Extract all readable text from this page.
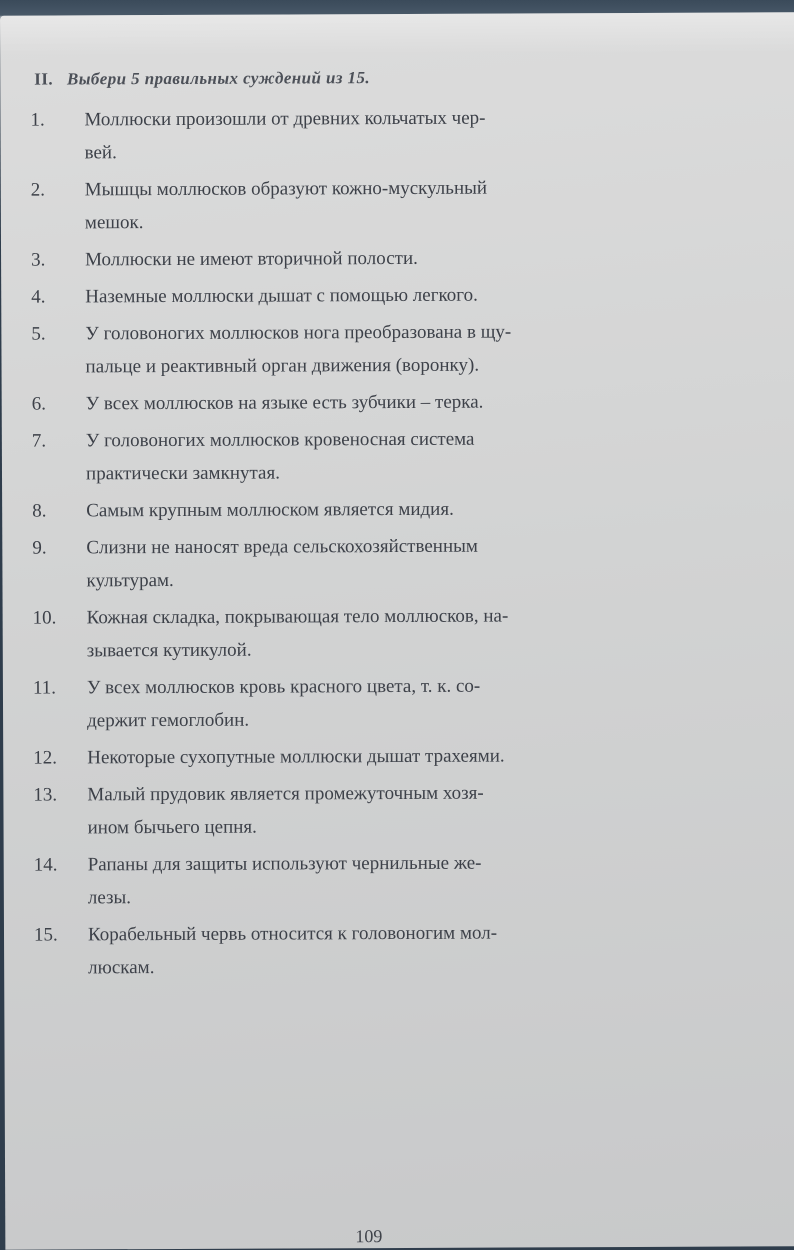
II. Выбери 5 правильных суждений из 15.
1.	Моллюски произошли от древних кольчатых чер-
вей.
2.	Мышцы моллюсков образуют кожно-мускульный
мешок.
3.	Моллюски не имеют вторичной полости.
4.	Наземные моллюски дышат с помощью легкого.
5.	У головоногих моллюсков нога преобразована в щу-
пальце и реактивный орган движения (воронку).
6.	У всех моллюсков на языке есть зубчики – терка.
7.	У головоногих моллюсков кровеносная система
практически замкнутая.
8.	Самым крупным моллюском является мидия.
9.	Слизни не наносят вреда сельскохозяйственным
культурам.
10.	Кожная складка, покрывающая тело моллюсков, на-
зывается кутикулой.
11.	У всех моллюсков кровь красного цвета, т. к. со-
держит гемоглобин.
12.	Некоторые сухопутные моллюски дышат трахеями.
13.	Малый прудовик является промежуточным хозя-
ином бычьего цепня.
14.	Рапаны для защиты используют чернильные же-
лезы.
15.	Корабельный червь относится к головоногим мол-
люскам.
109
